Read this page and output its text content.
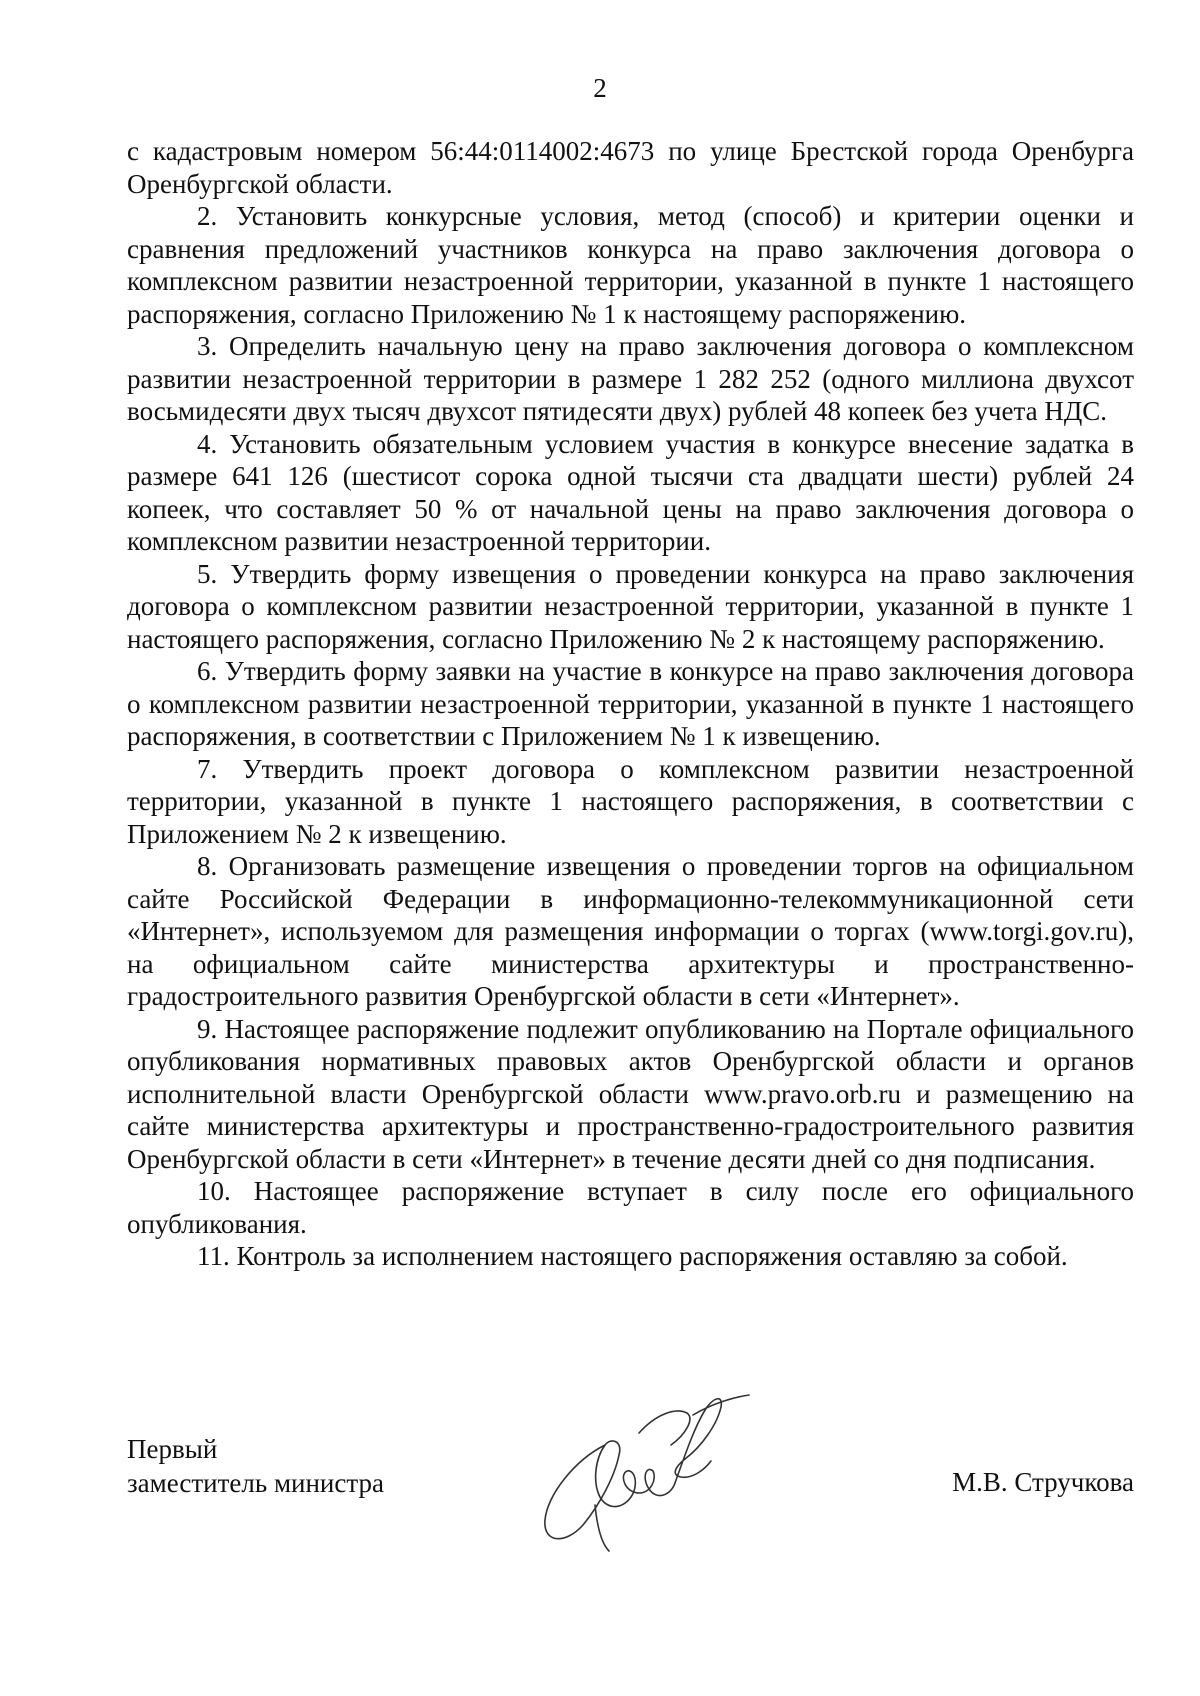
2

с кадастровым номером 56:44:0114002:4673 по улице Брестской города Оренбурга Оренбургской области.

2. Установить конкурсные условия, метод (способ) и критерии оценки и сравнения предложений участников конкурса на право заключения договора о комплексном развитии незастроенной территории, указанной в пункте 1 настоящего распоряжения, согласно Приложению № 1 к настоящему распоряжению.

3. Определить начальную цену на право заключения договора о комплексном развитии незастроенной территории в размере 1 282 252 (одного миллиона двухсот восьмидесяти двух тысяч двухсот пятидесяти двух) рублей 48 копеек без учета НДС.

4. Установить обязательным условием участия в конкурсе внесение задатка в размере 641 126 (шестисот сорока одной тысячи ста двадцати шести) рублей 24 копеек, что составляет 50 % от начальной цены на право заключения договора о комплексном развитии незастроенной территории.

5. Утвердить форму извещения о проведении конкурса на право заключения договора о комплексном развитии незастроенной территории, указанной в пункте 1 настоящего распоряжения, согласно Приложению № 2 к настоящему распоряжению.

6. Утвердить форму заявки на участие в конкурсе на право заключения договора о комплексном развитии незастроенной территории, указанной в пункте 1 настоящего распоряжения, в соответствии с Приложением № 1 к извещению.

7. Утвердить проект договора о комплексном развитии незастроенной территории, указанной в пункте 1 настоящего распоряжения, в соответствии с Приложением № 2 к извещению.

8. Организовать размещение извещения о проведении торгов на официальном сайте Российской Федерации в информационно-телекоммуникационной сети «Интернет», используемом для размещения информации о торгах (www.torgi.gov.ru), на официальном сайте министерства архитектуры и пространственно-градостроительного развития Оренбургской области в сети «Интернет».

9. Настоящее распоряжение подлежит опубликованию на Портале официального опубликования нормативных правовых актов Оренбургской области и органов исполнительной власти Оренбургской области www.pravo.orb.ru и размещению на сайте министерства архитектуры и пространственно-градостроительного развития Оренбургской области в сети «Интернет» в течение десяти дней со дня подписания.

10. Настоящее распоряжение вступает в силу после его официального опубликования.

11. Контроль за исполнением настоящего распоряжения оставляю за собой.

Первый
заместитель министра	М.В. Стручкова
